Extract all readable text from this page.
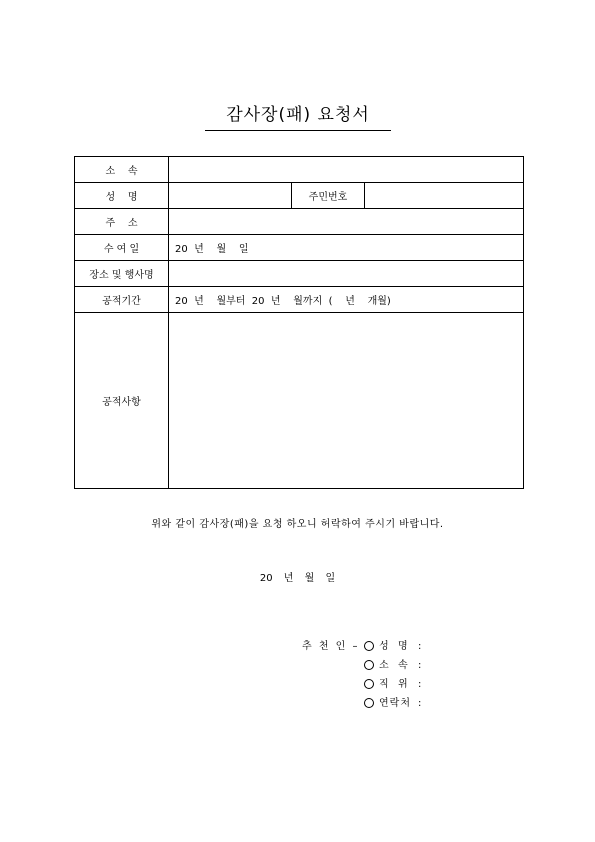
감사장(패) 요청서
소    속			
성    명		주민번호	
주    소			
수 여 일	20  년    월    일		
장소 및 행사명			
공적기간	20  년    월부터  20  년    월까지  (    년    개월)		
공적사항			
위와 같이 감사장(패)을 요청 하오니 허락하여 주시기 바랍니다.
20 년 월 일
추 천 인 –	성  명 :
소  속 :
직  위 :
연락처 :
